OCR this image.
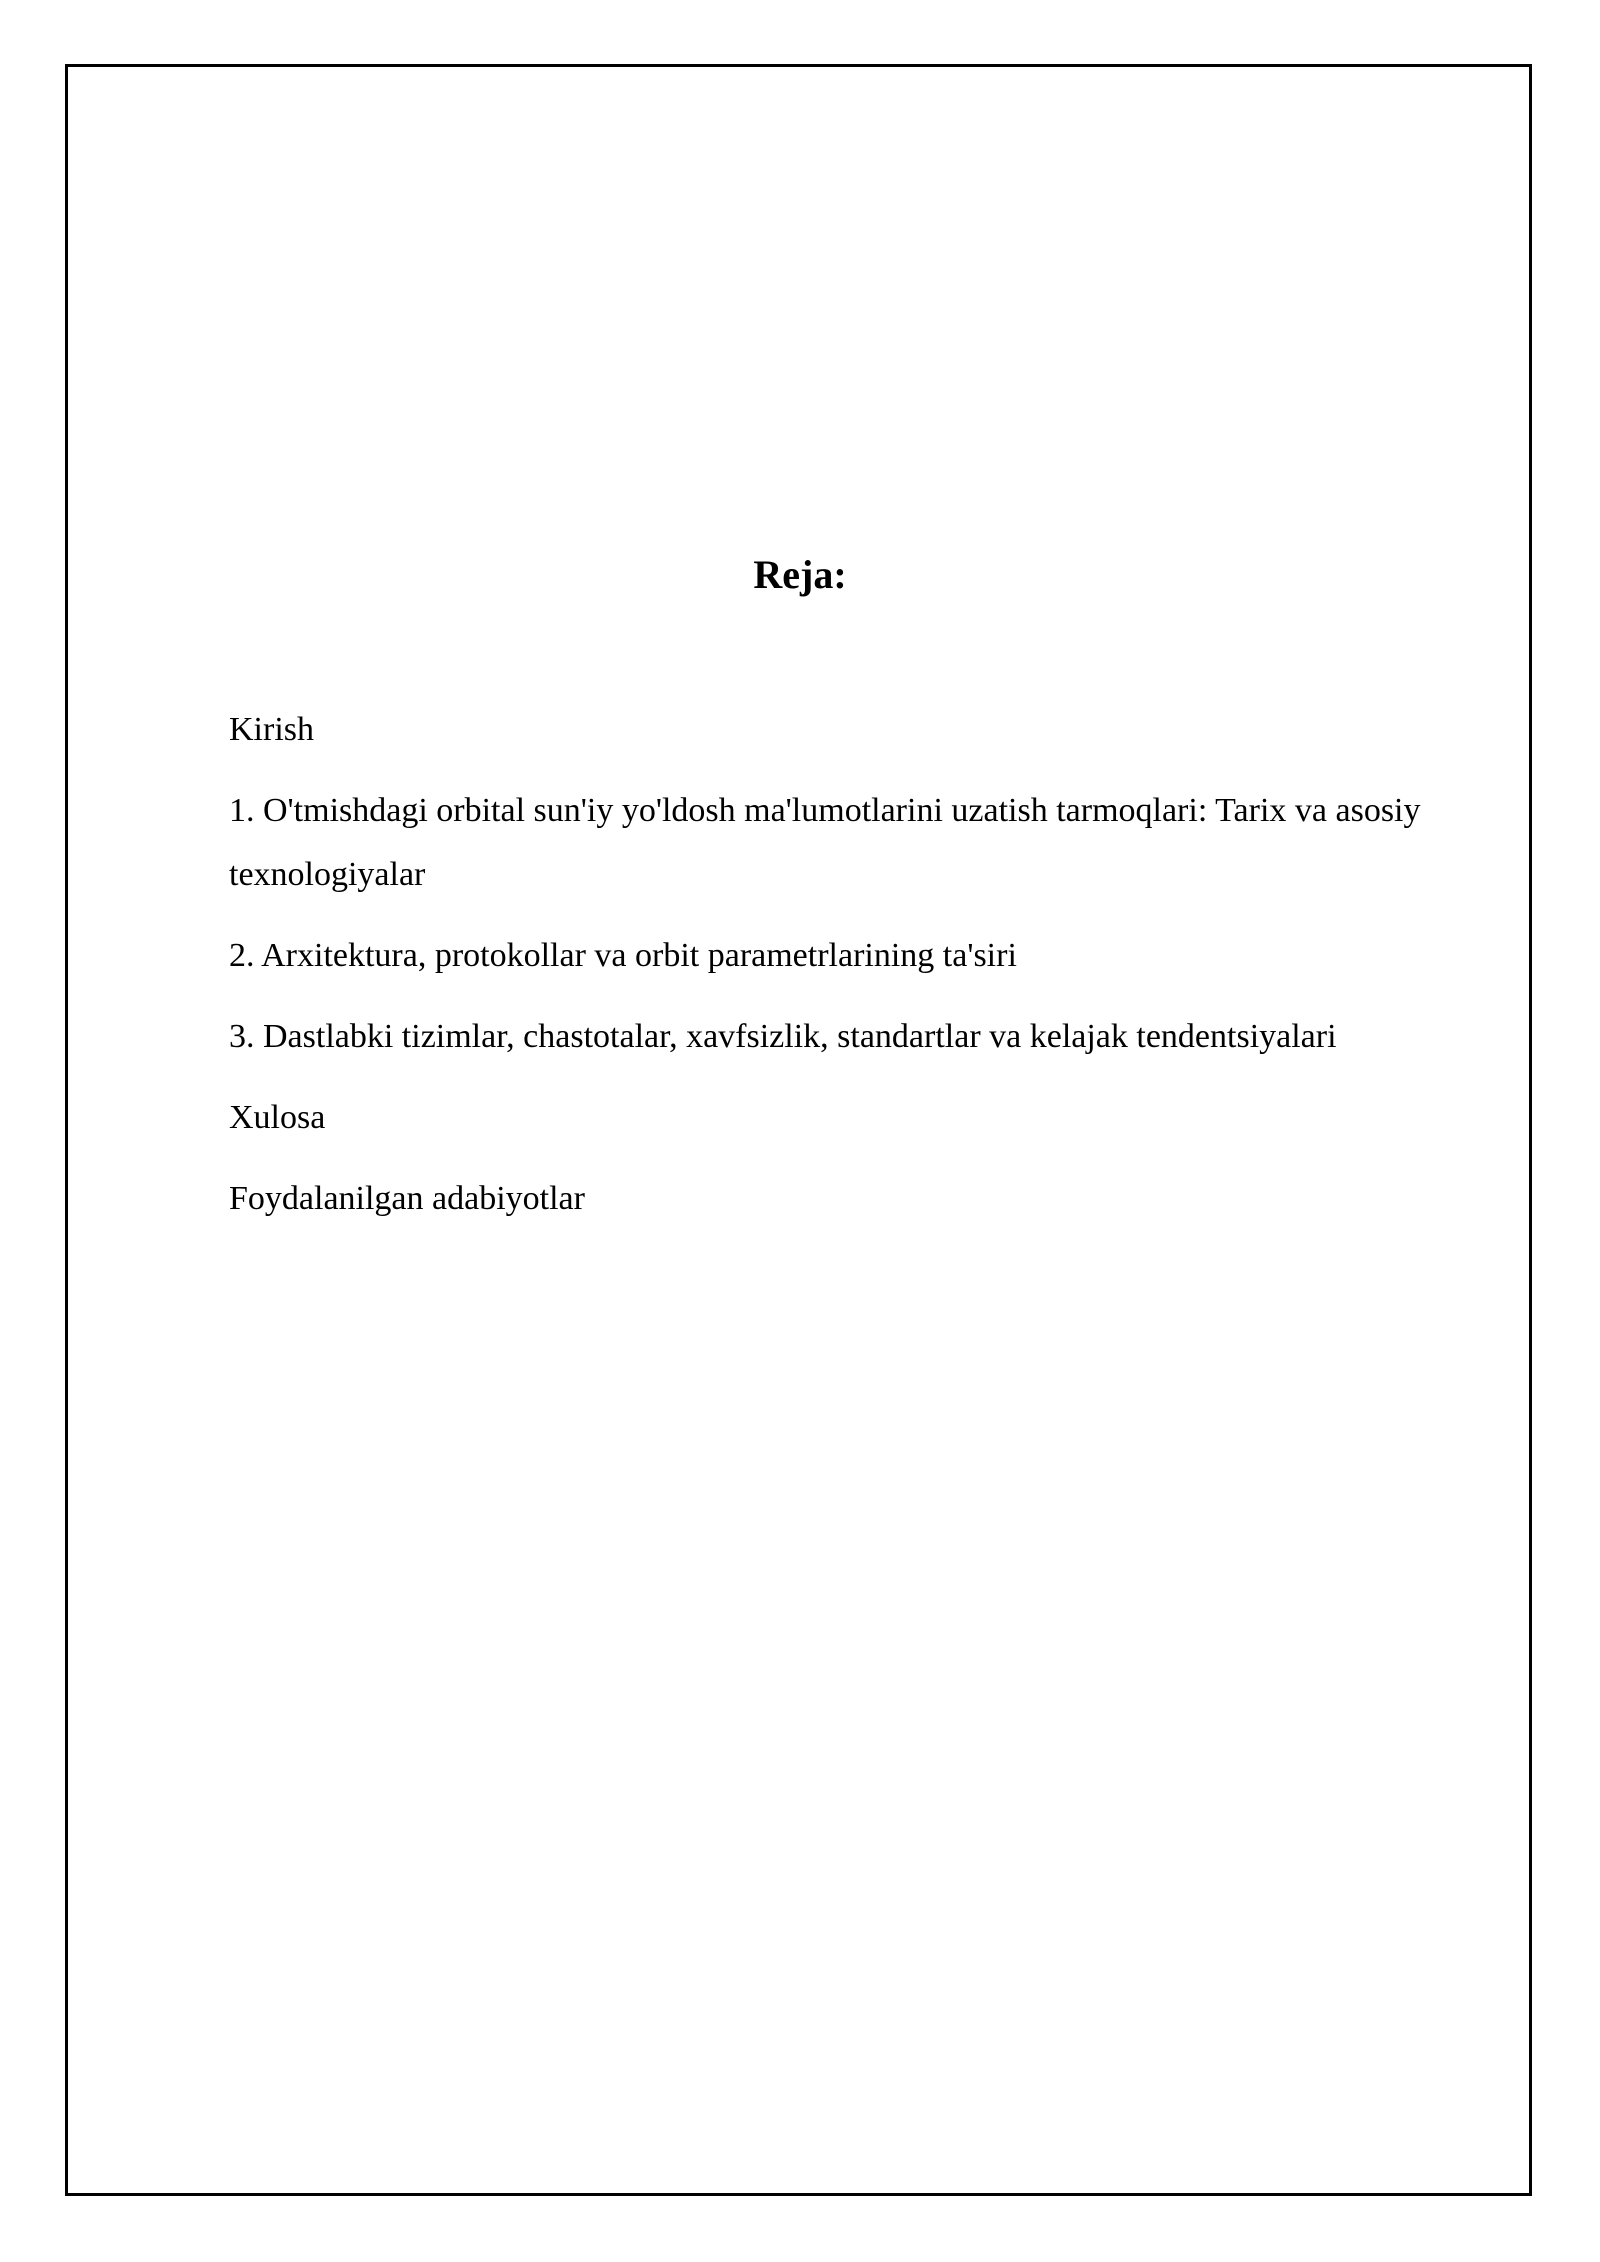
Reja:
Kirish
1. O'tmishdagi orbital sun'iy yo'ldosh ma'lumotlarini uzatish tarmoqlari: Tarix va asosiy texnologiyalar
2. Arxitektura, protokollar va orbit parametrlarining ta'siri
3. Dastlabki tizimlar, chastotalar, xavfsizlik, standartlar va kelajak tendentsiyalari
Xulosa
Foydalanilgan adabiyotlar
